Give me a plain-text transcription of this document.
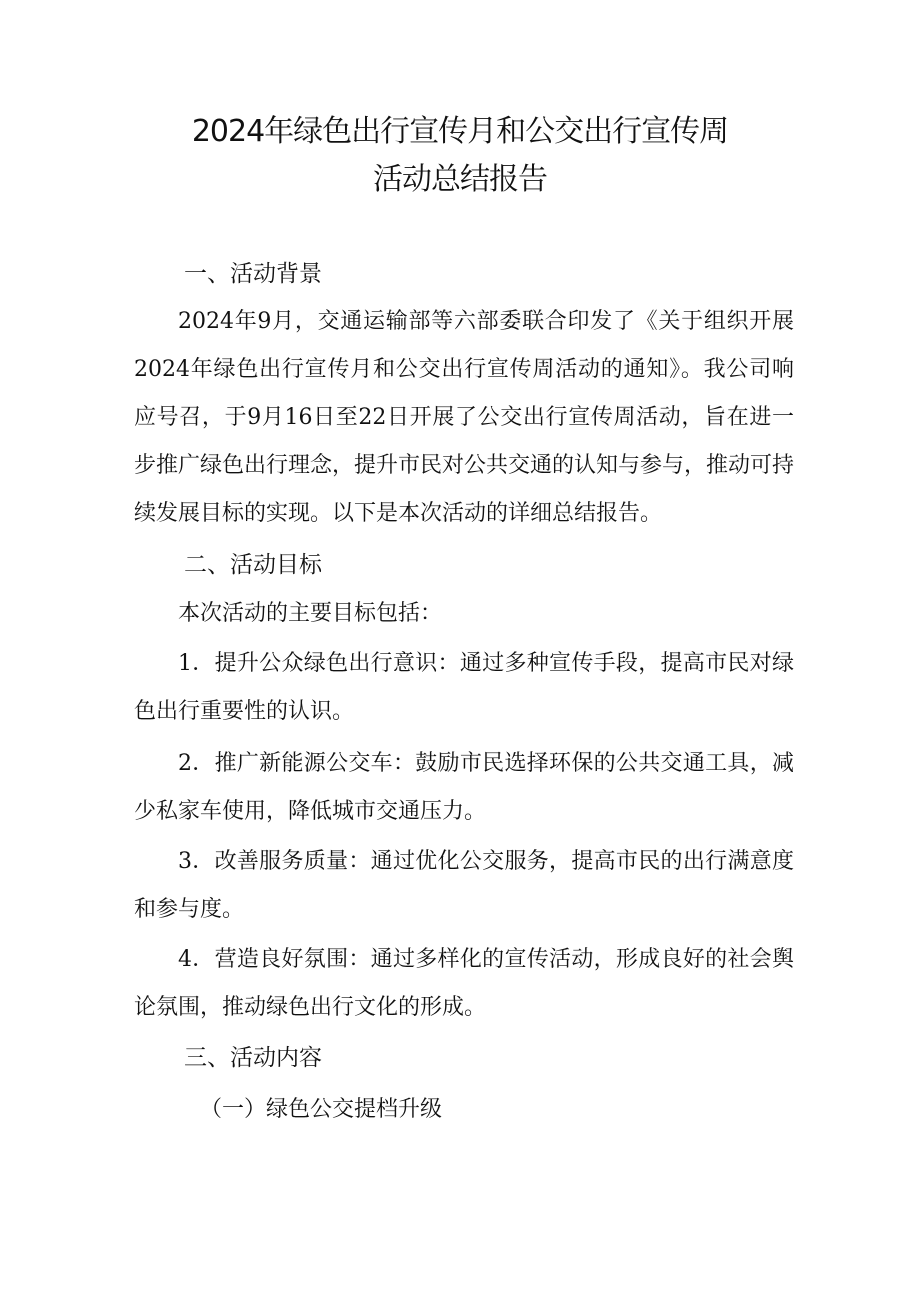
2024年绿色出行宣传月和公交出行宣传周
活动总结报告
一、活动背景
2024年9月，交通运输部等六部委联合印发了《关于组织开展2024年绿色出行宣传月和公交出行宣传周活动的通知》。我公司响应号召，于9月16日至22日开展了公交出行宣传周活动，旨在进一步推广绿色出行理念，提升市民对公共交通的认知与参与，推动可持续发展目标的实现。以下是本次活动的详细总结报告。
二、活动目标
本次活动的主要目标包括：
1．提升公众绿色出行意识：通过多种宣传手段，提高市民对绿色出行重要性的认识。
2．推广新能源公交车：鼓励市民选择环保的公共交通工具，减少私家车使用，降低城市交通压力。
3．改善服务质量：通过优化公交服务，提高市民的出行满意度和参与度。
4．营造良好氛围：通过多样化的宣传活动，形成良好的社会舆论氛围，推动绿色出行文化的形成。
三、活动内容
（一）绿色公交提档升级
